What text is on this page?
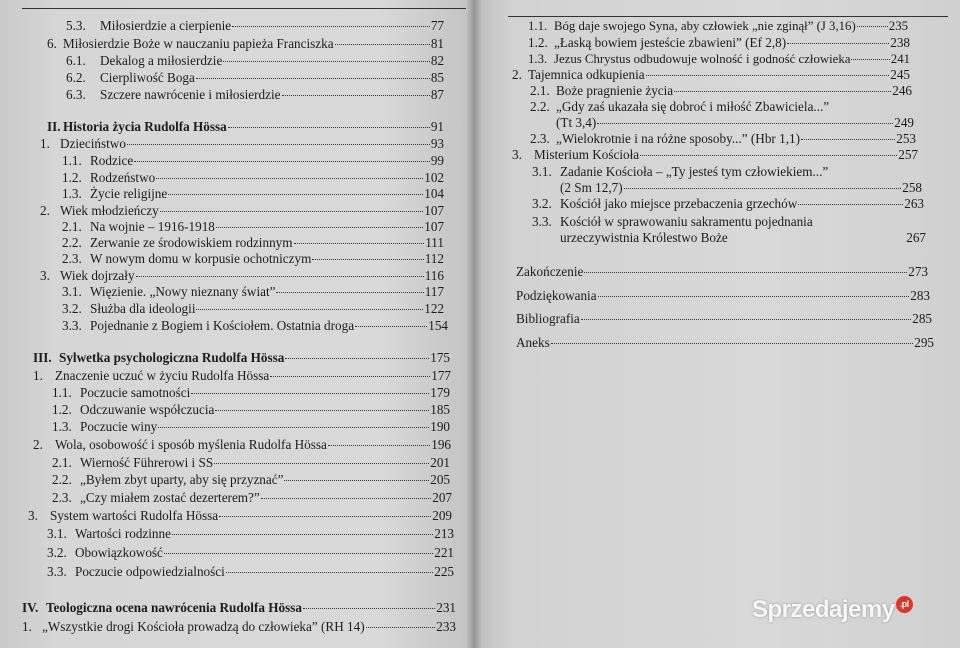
5.3.	Miłosierdzie a cierpienie	77
6. Miłosierdzie Boże w nauczaniu papieża Franciszka	81
6.1.	Dekalog a miłosierdzie	82
6.2.	Cierpliwość Boga	85
6.3.	Szczere nawrócenie i miłosierdzie	87
II. Historia życia Rudolfa Hössa	91
1. Dzieciństwo	93
1.1. Rodzice	99
1.2. Rodzeństwo	102
1.3. Życie religijne	104
2. Wiek młodzieńczy	107
2.1. Na wojnie – 1916-1918	107
2.2. Zerwanie ze środowiskiem rodzinnym	111
2.3. W nowym domu w korpusie ochotniczym	112
3. Wiek dojrzały	116
3.1. Więzienie. „Nowy nieznany świat”	117
3.2. Służba dla ideologii	122
3.3. Pojednanie z Bogiem i Kościołem. Ostatnia droga	154
III. Sylwetka psychologiczna Rudolfa Hössa	175
1. Znaczenie uczuć w życiu Rudolfa Hössa	177
1.1. Poczucie samotności	179
1.2. Odczuwanie współczucia	185
1.3. Poczucie winy	190
2. Wola, osobowość i sposób myślenia Rudolfa Hössa	196
2.1. Wierność Führerowi i SS	201
2.2. „Byłem zbyt uparty, aby się przyznać”	205
2.3. „Czy miałem zostać dezerterem?”	207
3. System wartości Rudolfa Hössa	209
3.1. Wartości rodzinne	213
3.2. Obowiązkowość	221
3.3. Poczucie odpowiedzialności	225
IV. Teologiczna ocena nawrócenia Rudolfa Hössa	231
1. „Wszystkie drogi Kościoła prowadzą do człowieka” (RH 14)	233
1.1. Bóg daje swojego Syna, aby człowiek „nie zginął” (J 3,16)	235
1.2. „Łaską bowiem jesteście zbawieni” (Ef 2,8)	238
1.3. Jezus Chrystus odbudowuje wolność i godność człowieka	241
2. Tajemnica odkupienia	245
2.1. Boże pragnienie życia	246
2.2. „Gdy zaś ukazała się dobroć i miłość Zbawiciela...”
(Tt 3,4)	249
2.3. „Wielokrotnie i na różne sposoby...” (Hbr 1,1)	253
3. Misterium Kościoła	257
3.1. Zadanie Kościoła – „Ty jesteś tym człowiekiem...”
(2 Sm 12,7)	258
3.2. Kościół jako miejsce przebaczenia grzechów	263
3.3. Kościół w sprawowaniu sakramentu pojednania
urzeczywistnia Królestwo Boże	267
Zakończenie	273
Podziękowania	283
Bibliografia	285
Aneks	295
Sprzedajemy .pl
